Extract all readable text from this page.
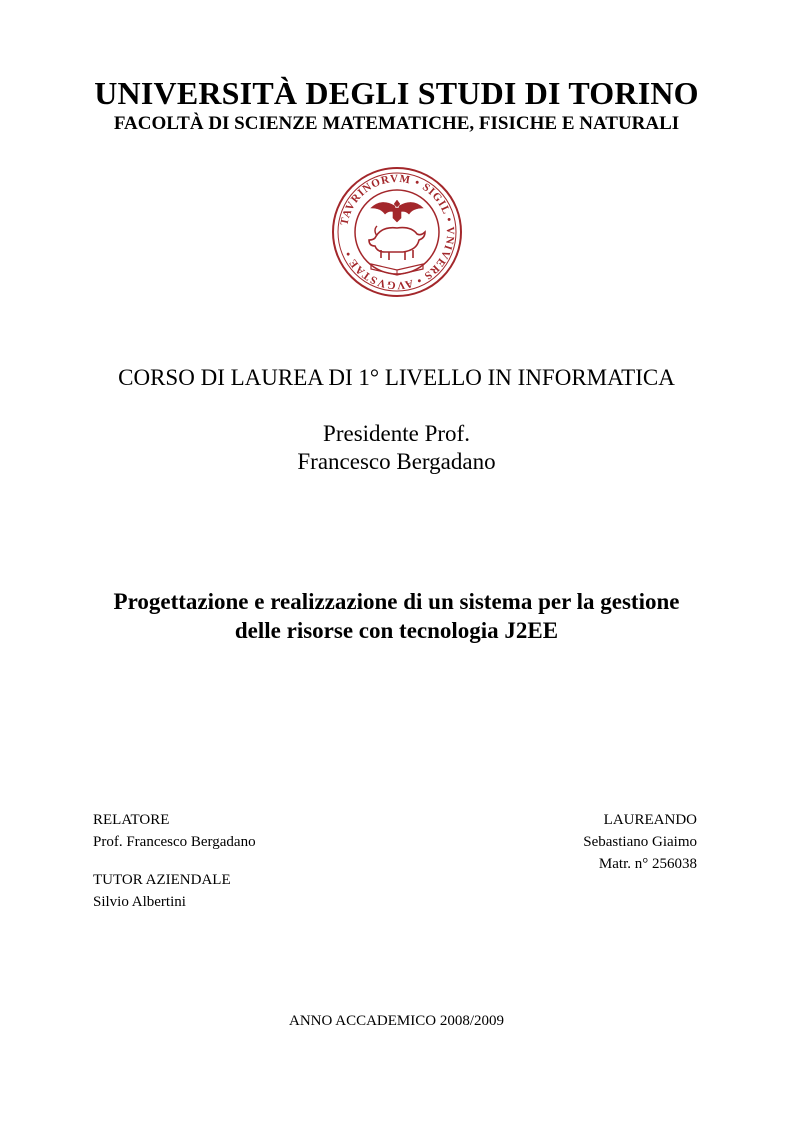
UNIVERSITÀ DEGLI STUDI DI TORINO
FACOLTÀ DI SCIENZE MATEMATICHE, FISICHE E NATURALI
TAVRINORVM • SIGIL • VNIVERS • AVGVSTAE •
CORSO DI LAUREA DI 1° LIVELLO IN INFORMATICA
Presidente Prof.
Francesco Bergadano
Progettazione e realizzazione di un sistema per la gestione
delle risorse con tecnologia J2EE
RELATORE
Prof. Francesco Bergadano
TUTOR AZIENDALE
Silvio Albertini
LAUREANDO
Sebastiano Giaimo
Matr. n° 256038
ANNO ACCADEMICO 2008/2009
